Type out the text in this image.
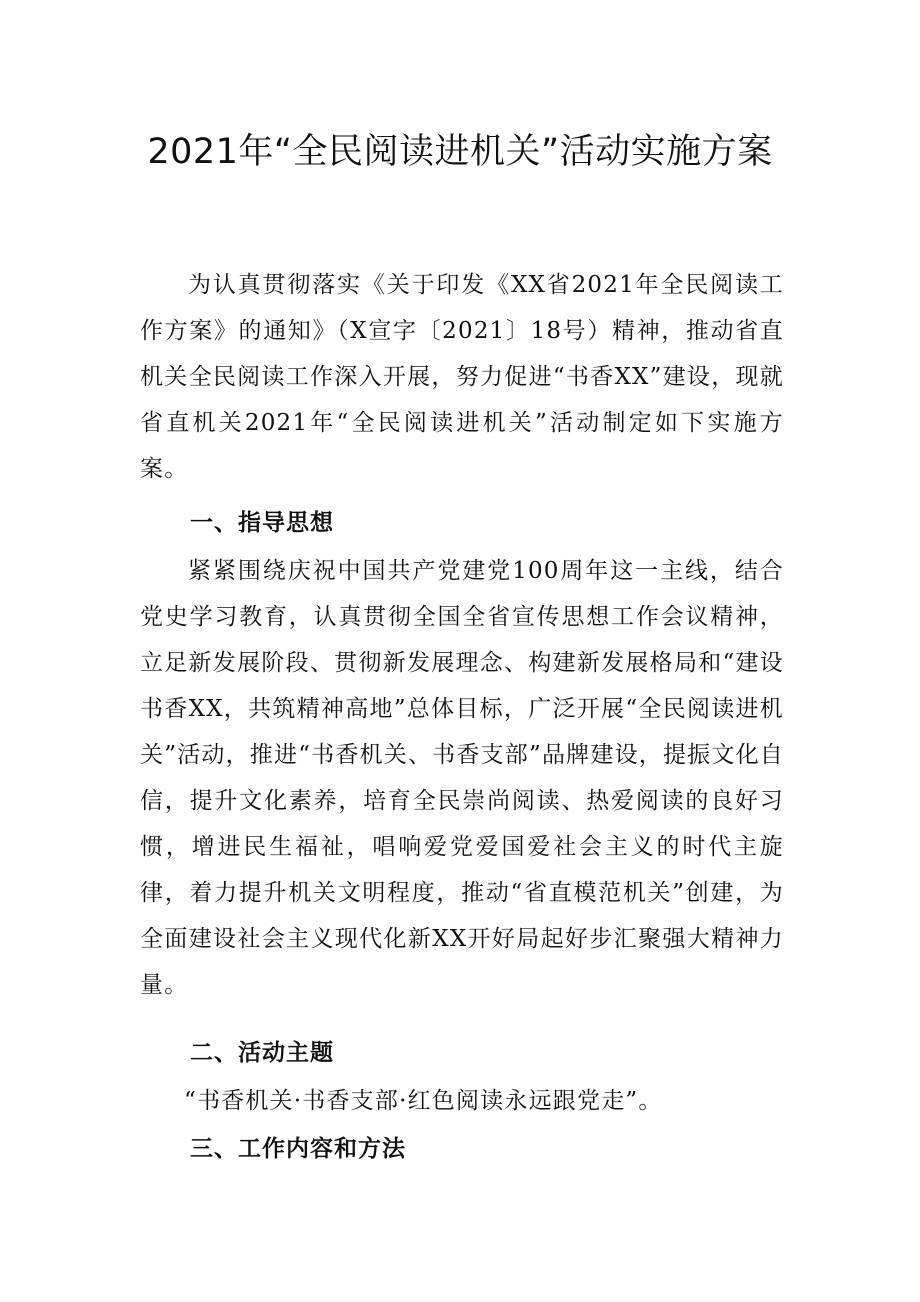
2021年“全民阅读进机关”活动实施方案

为认真贯彻落实《关于印发《XX省2021年全民阅读工作方案》的通知》（X宣字〔2021〕18号）精神，推动省直机关全民阅读工作深入开展，努力促进“书香XX”建设，现就省直机关2021年“全民阅读进机关”活动制定如下实施方案。

一、指导思想

紧紧围绕庆祝中国共产党建党100周年这一主线，结合党史学习教育，认真贯彻全国全省宣传思想工作会议精神，立足新发展阶段、贯彻新发展理念、构建新发展格局和“建设书香XX，共筑精神高地”总体目标，广泛开展“全民阅读进机关”活动，推进“书香机关、书香支部”品牌建设，提振文化自信，提升文化素养，培育全民崇尚阅读、热爱阅读的良好习惯，增进民生福祉，唱响爱党爱国爱社会主义的时代主旋律，着力提升机关文明程度，推动“省直模范机关”创建，为全面建设社会主义现代化新XX开好局起好步汇聚强大精神力量。

二、活动主题

“书香机关·书香支部·红色阅读永远跟党走”。

三、工作内容和方法
